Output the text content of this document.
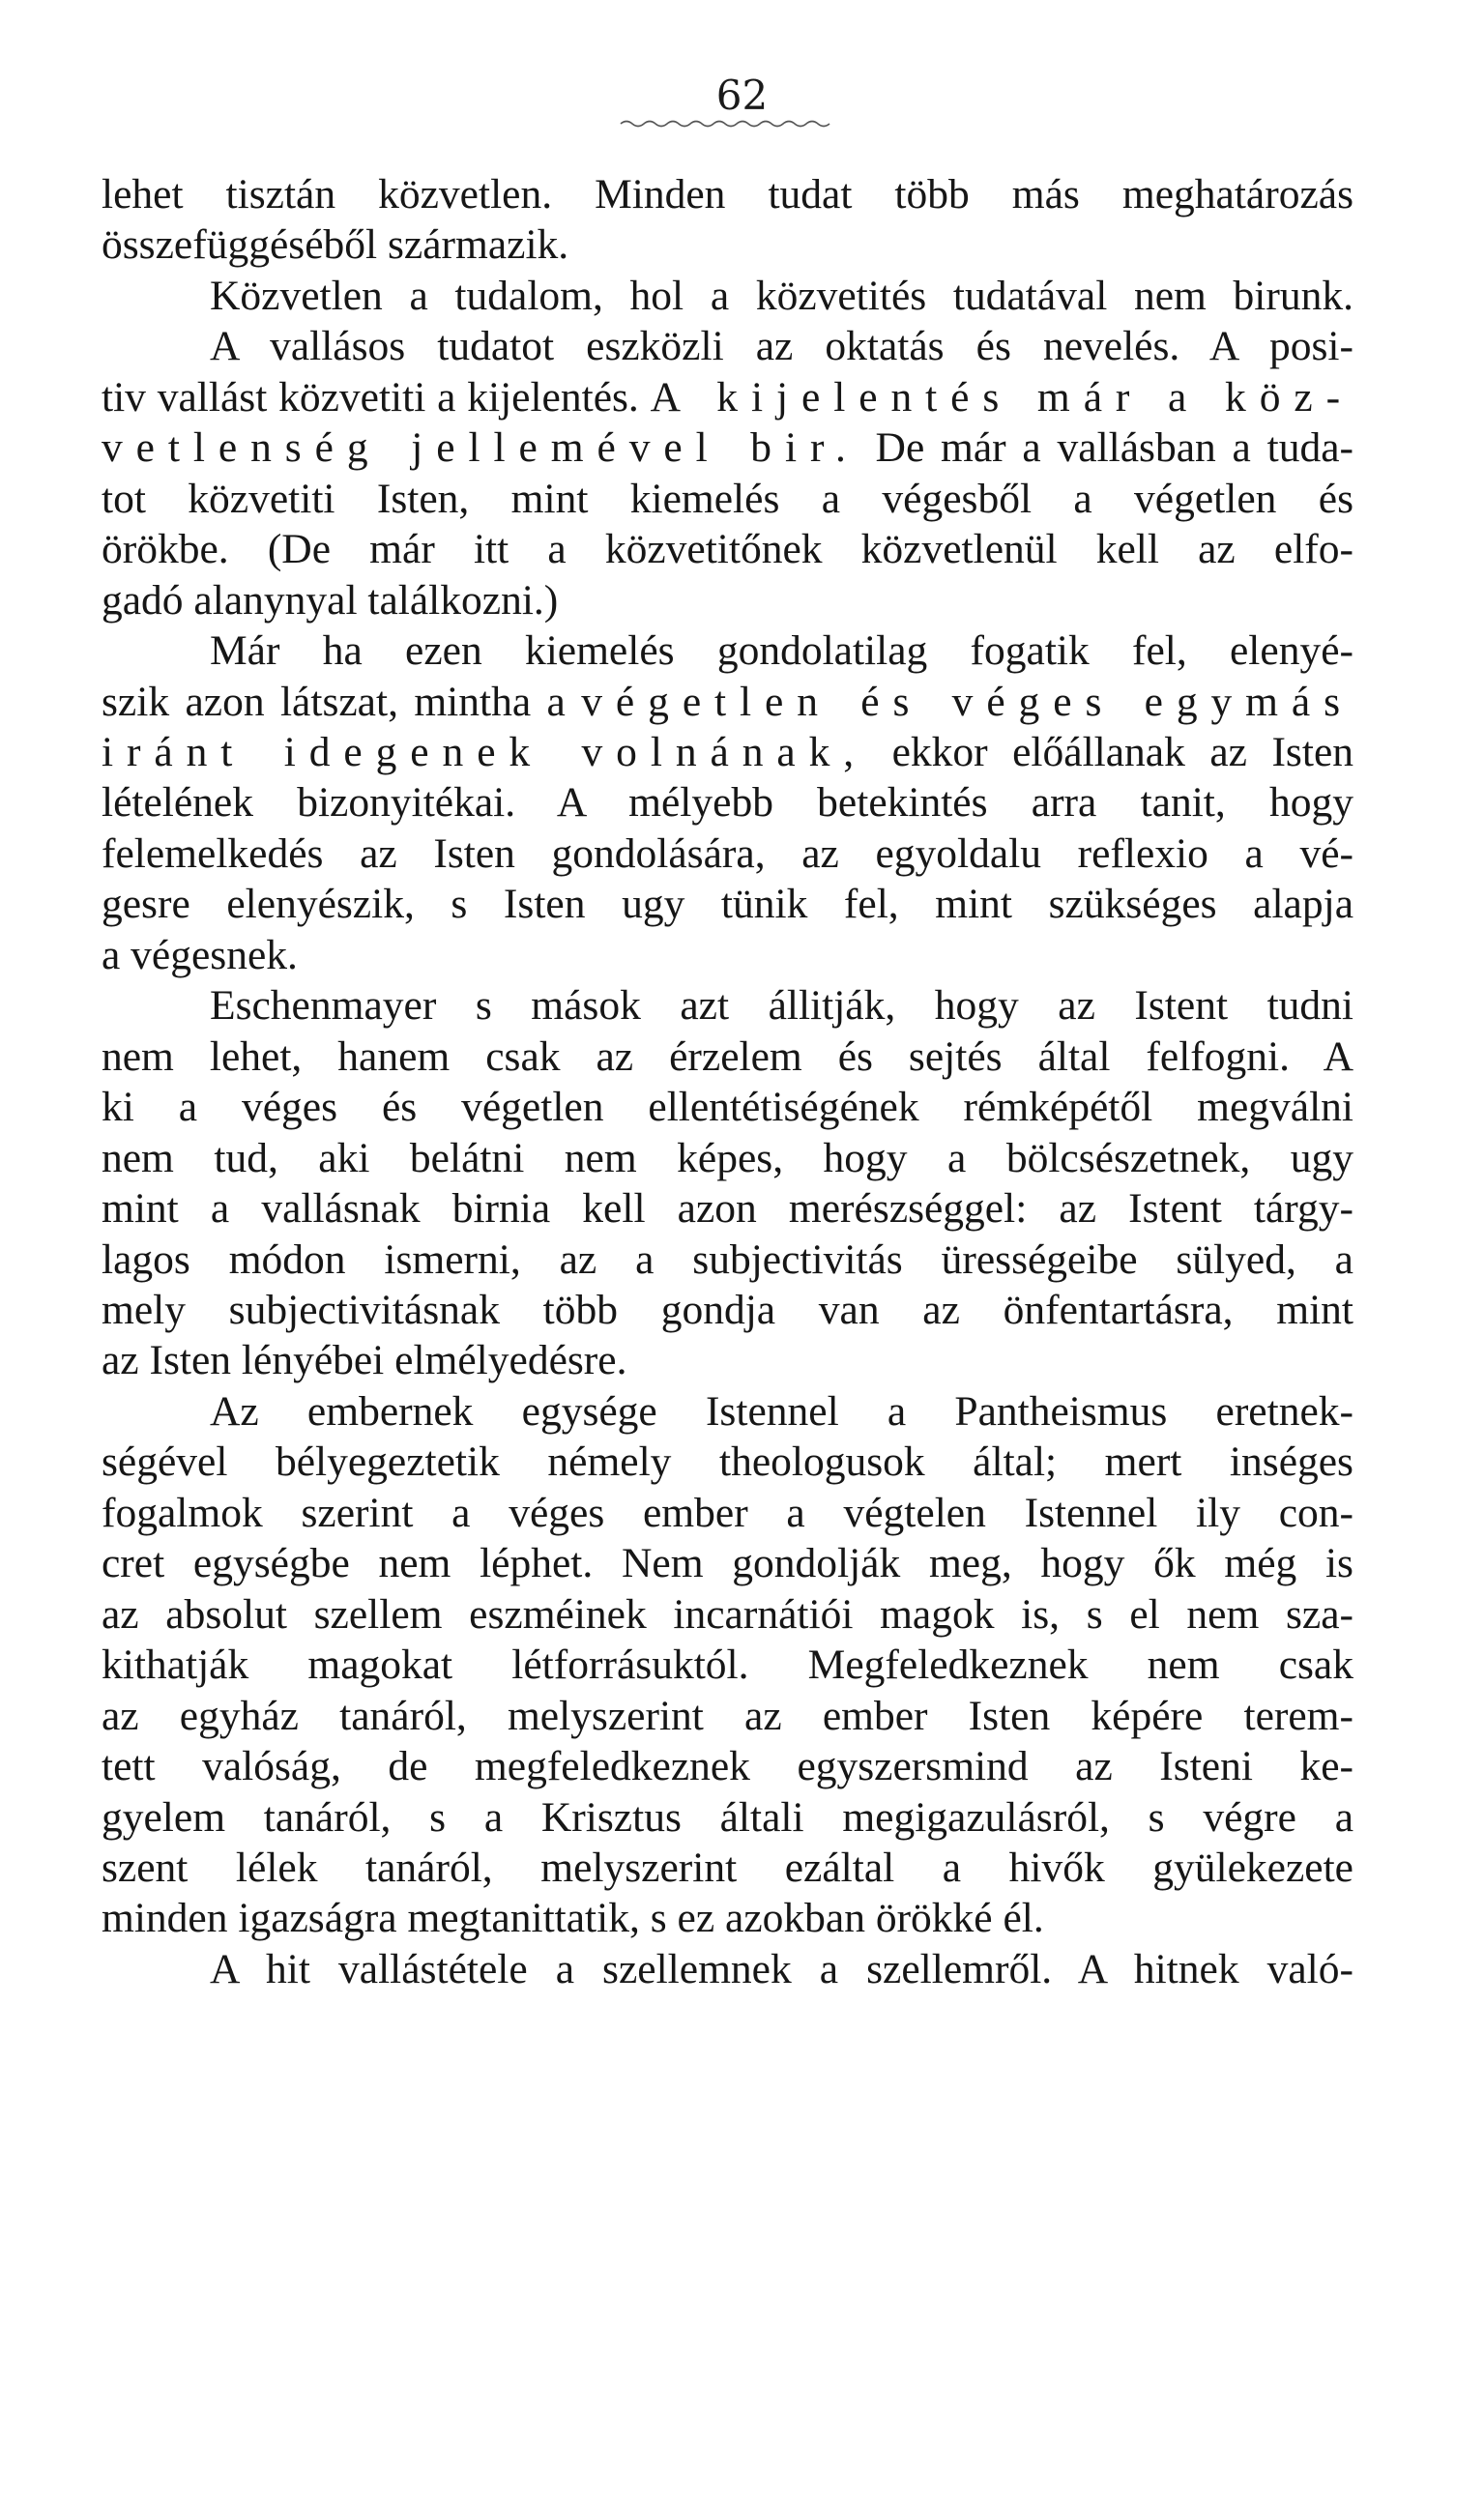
62
lehet tisztán közvetlen. Minden tudat több más meghatározás
összefüggéséből származik.
Közvetlen a tudalom, hol a közvetités tudatával nem birunk.
A vallásos tudatot eszközli az oktatás és nevelés. A posi-
tiv vallást közvetiti a kijelentés. A kijelentés már a köz-
vetlenség jellemével bir. De már a vallásban a tuda-
tot közvetiti Isten, mint kiemelés a végesből a végetlen és
örökbe. (De már itt a közvetitőnek közvetlenül kell az elfo-
gadó alanynyal találkozni.)
Már ha ezen kiemelés gondolatilag fogatik fel, elenyé-
szik azon látszat, mintha a végetlen és véges egymás
iránt idegenek volnának, ekkor előállanak az Isten
lételének bizonyitékai. A mélyebb betekintés arra tanit, hogy
felemelkedés az Isten gondolására, az egyoldalu reflexio a vé-
gesre elenyészik, s Isten ugy tünik fel, mint szükséges alapja
a végesnek.
Eschenmayer s mások azt állitják, hogy az Istent tudni
nem lehet, hanem csak az érzelem és sejtés által felfogni. A
ki a véges és végetlen ellentétiségének rémképétől megválni
nem tud, aki belátni nem képes, hogy a bölcsészetnek, ugy
mint a vallásnak birnia kell azon merészséggel: az Istent tárgy-
lagos módon ismerni, az a subjectivitás ürességeibe sülyed, a
mely subjectivitásnak több gondja van az önfentartásra, mint
az Isten lényébei elmélyedésre.
Az embernek egysége Istennel a Pantheismus eretnek-
ségével bélyegeztetik némely theologusok által; mert inséges
fogalmok szerint a véges ember a végtelen Istennel ily con-
cret egységbe nem léphet. Nem gondolják meg, hogy ők még is
az absolut szellem eszméinek incarnátiói magok is, s el nem sza-
kithatják magokat létforrásuktól. Megfeledkeznek nem csak
az egyház tanáról, melyszerint az ember Isten képére terem-
tett valóság, de megfeledkeznek egyszersmind az Isteni ke-
gyelem tanáról, s a Krisztus általi megigazulásról, s végre a
szent lélek tanáról, melyszerint ezáltal a hivők gyülekezete
minden igazságra megtanittatik, s ez azokban örökké él.
A hit vallástétele a szellemnek a szellemről. A hitnek való-
